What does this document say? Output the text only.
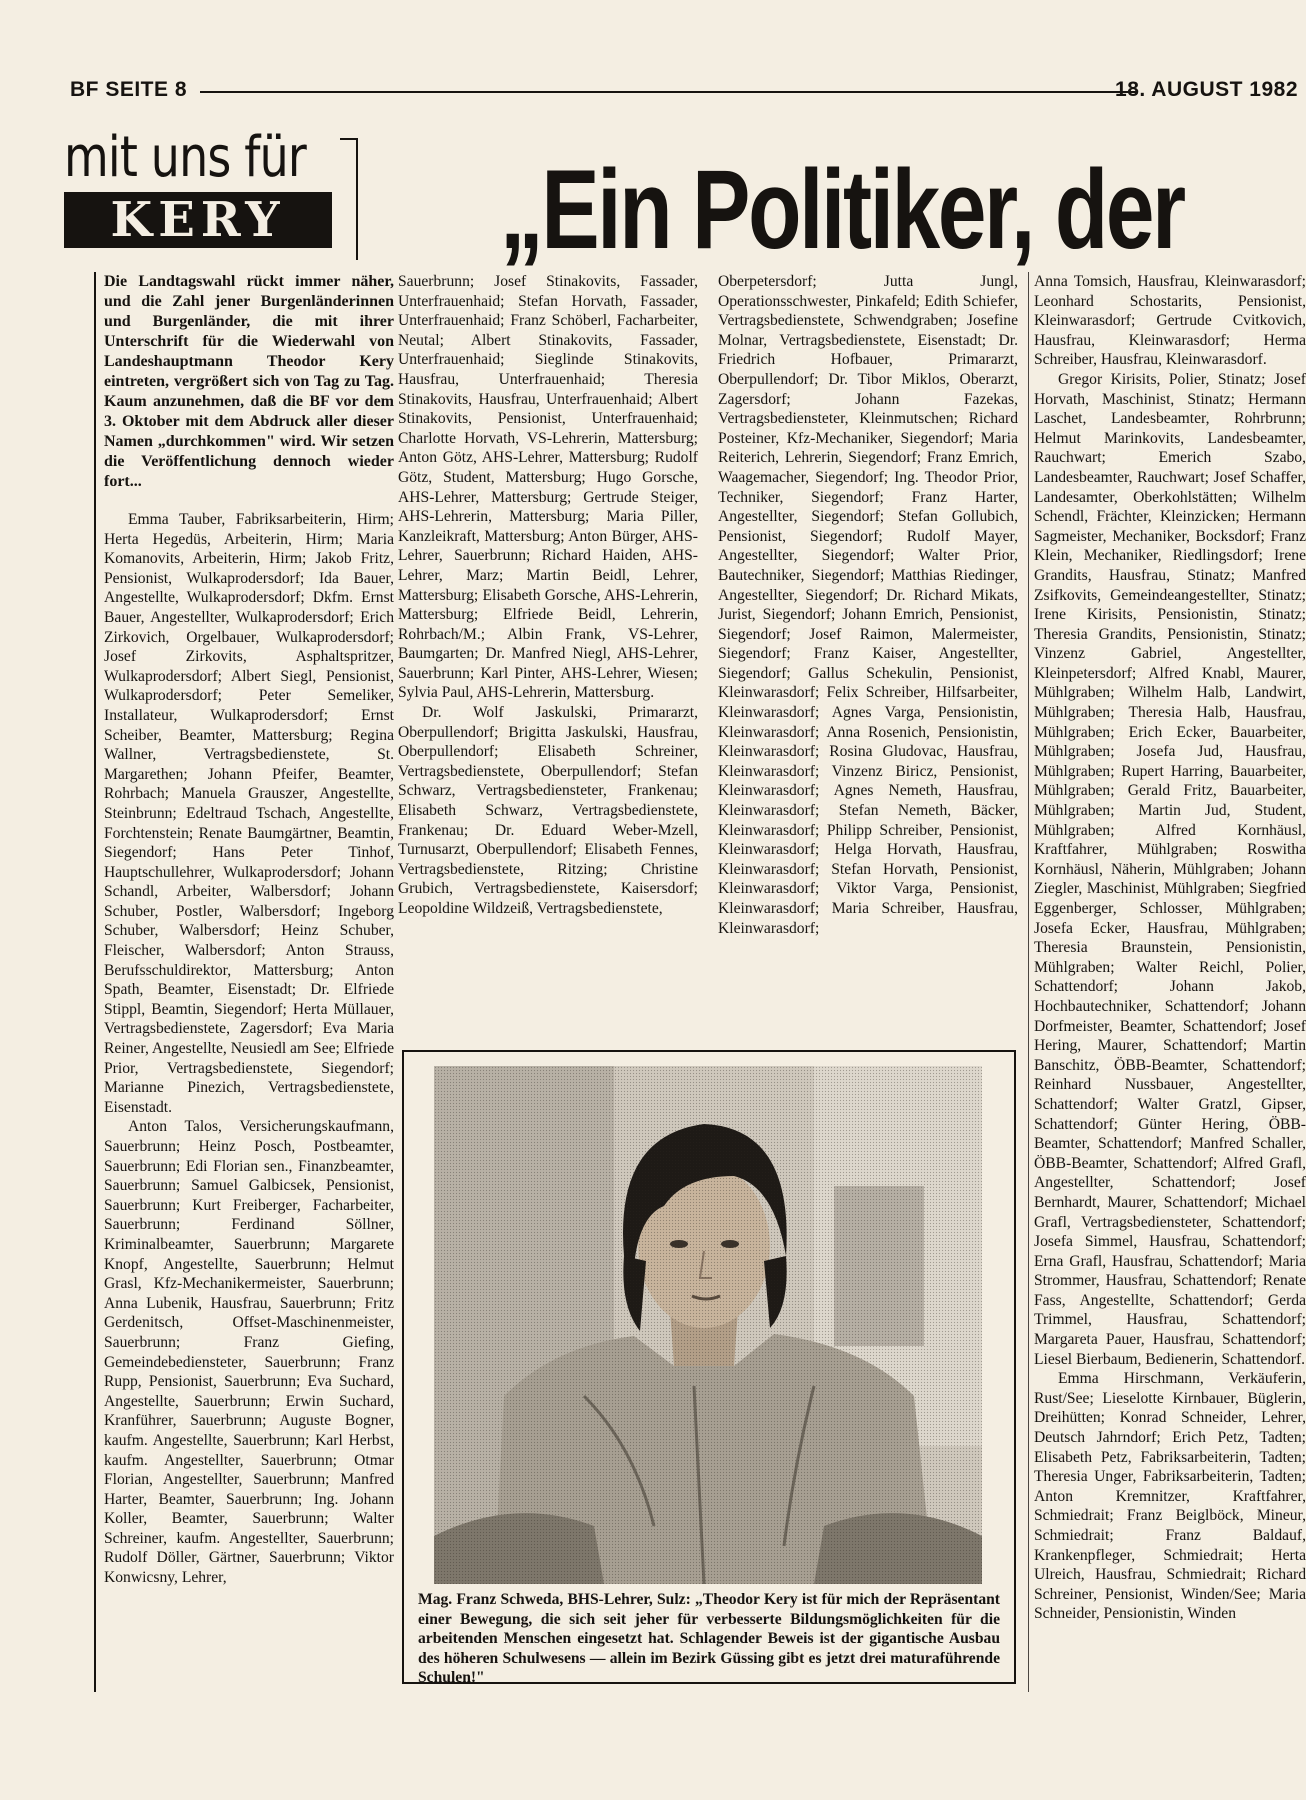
BF SEITE 8	18. AUGUST 1982
mit uns für
KERY	„Ein Politiker, der

Die Landtagswahl rückt immer näher, und die Zahl jener Burgenländerinnen und Burgenländer, die mit ihrer Unterschrift für die Wiederwahl von Landeshauptmann Theodor Kery eintreten, vergrößert sich von Tag zu Tag. Kaum anzunehmen, daß die BF vor dem 3. Oktober mit dem Abdruck aller dieser Namen „durchkommen" wird. Wir setzen die Veröffentlichung dennoch wieder fort...

Emma Tauber, Fabriksarbeiterin, Hirm; Herta Hegedüs, Arbeiterin, Hirm; Maria Komanovits, Arbeiterin, Hirm; Jakob Fritz, Pensionist, Wulkaprodersdorf; Ida Bauer, Angestellte, Wulkaprodersdorf; Dkfm. Ernst Bauer, Angestellter, Wulkaprodersdorf; Erich Zirkovich, Orgelbauer, Wulkaprodersdorf; Josef Zirkovits, Asphaltspritzer, Wulkaprodersdorf; Albert Siegl, Pensionist, Wulkaprodersdorf; Peter Semeliker, Installateur, Wulkaprodersdorf; Ernst Scheiber, Beamter, Mattersburg; Regina Wallner, Vertragsbedienstete, St. Margarethen; Johann Pfeifer, Beamter, Rohrbach; Manuela Grauszer, Angestellte, Steinbrunn; Edeltraud Tschach, Angestellte, Forchtenstein; Renate Baumgärtner, Beamtin, Siegendorf; Hans Peter Tinhof, Hauptschullehrer, Wulkaprodersdorf; Johann Schandl, Arbeiter, Walbersdorf; Johann Schuber, Postler, Walbersdorf; Ingeborg Schuber, Walbersdorf; Heinz Schuber, Fleischer, Walbersdorf; Anton Strauss, Berufsschuldirektor, Mattersburg; Anton Spath, Beamter, Eisenstadt; Dr. Elfriede Stippl, Beamtin, Siegendorf; Herta Müllauer, Vertragsbedienstete, Zagersdorf; Eva Maria Reiner, Angestellte, Neusiedl am See; Elfriede Prior, Vertragsbedienstete, Siegendorf; Marianne Pinezich, Vertragsbedienstete, Eisenstadt.

Anton Talos, Versicherungskaufmann, Sauerbrunn; Heinz Posch, Postbeamter, Sauerbrunn; Edi Florian sen., Finanzbeamter, Sauerbrunn; Samuel Galbicsek, Pensionist, Sauerbrunn; Kurt Freiberger, Facharbeiter, Sauerbrunn; Ferdinand Söllner, Kriminalbeamter, Sauerbrunn; Margarete Knopf, Angestellte, Sauerbrunn; Helmut Grasl, Kfz-Mechanikermeister, Sauerbrunn; Anna Lubenik, Hausfrau, Sauerbrunn; Fritz Gerdenitsch, Offset-Maschinenmeister, Sauerbrunn; Franz Giefing, Gemeindebediensteter, Sauerbrunn; Franz Rupp, Pensionist, Sauerbrunn; Eva Suchard, Angestellte, Sauerbrunn; Erwin Suchard, Kranführer, Sauerbrunn; Auguste Bogner, kaufm. Angestellte, Sauerbrunn; Karl Herbst, kaufm. Angestellter, Sauerbrunn; Otmar Florian, Angestellter, Sauerbrunn; Manfred Harter, Beamter, Sauerbrunn; Ing. Johann Koller, Beamter, Sauerbrunn; Walter Schreiner, kaufm. Angestellter, Sauerbrunn; Rudolf Döller, Gärtner, Sauerbrunn; Viktor Konwicsny, Lehrer,

Sauerbrunn; Josef Stinakovits, Fassader, Unterfrauenhaid; Stefan Horvath, Fassader, Unterfrauenhaid; Franz Schöberl, Facharbeiter, Neutal; Albert Stinakovits, Fassader, Unterfrauenhaid; Sieglinde Stinakovits, Hausfrau, Unterfrauenhaid; Theresia Stinakovits, Hausfrau, Unterfrauenhaid; Albert Stinakovits, Pensionist, Unterfrauenhaid; Charlotte Horvath, VS-Lehrerin, Mattersburg; Anton Götz, AHS-Lehrer, Mattersburg; Rudolf Götz, Student, Mattersburg; Hugo Gorsche, AHS-Lehrer, Mattersburg; Gertrude Steiger, AHS-Lehrerin, Mattersburg; Maria Piller, Kanzleikraft, Mattersburg; Anton Bürger, AHS-Lehrer, Sauerbrunn; Richard Haiden, AHS-Lehrer, Marz; Martin Beidl, Lehrer, Mattersburg; Elisabeth Gorsche, AHS-Lehrerin, Mattersburg; Elfriede Beidl, Lehrerin, Rohrbach/M.; Albin Frank, VS-Lehrer, Baumgarten; Dr. Manfred Niegl, AHS-Lehrer, Sauerbrunn; Karl Pinter, AHS-Lehrer, Wiesen; Sylvia Paul, AHS-Lehrerin, Mattersburg.

Dr. Wolf Jaskulski, Primararzt, Oberpullendorf; Brigitta Jaskulski, Hausfrau, Oberpullendorf; Elisabeth Schreiner, Vertragsbedienstete, Oberpullendorf; Stefan Schwarz, Vertragsbediensteter, Frankenau; Elisabeth Schwarz, Vertragsbedienstete, Frankenau; Dr. Eduard Weber-Mzell, Turnusarzt, Oberpullendorf; Elisabeth Fennes, Vertragsbedienstete, Ritzing; Christine Grubich, Vertragsbedienstete, Kaisersdorf; Leopoldine Wildzeiß, Vertragsbedienstete,

Oberpetersdorf; Jutta Jungl, Operationsschwester, Pinkafeld; Edith Schiefer, Vertragsbedienstete, Schwendgraben; Josefine Molnar, Vertragsbedienstete, Eisenstadt; Dr. Friedrich Hofbauer, Primararzt, Oberpullendorf; Dr. Tibor Miklos, Oberarzt, Zagersdorf; Johann Fazekas, Vertragsbediensteter, Kleinmutschen; Richard Posteiner, Kfz-Mechaniker, Siegendorf; Maria Reiterich, Lehrerin, Siegendorf; Franz Emrich, Waagemacher, Siegendorf; Ing. Theodor Prior, Techniker, Siegendorf; Franz Harter, Angestellter, Siegendorf; Stefan Gollubich, Pensionist, Siegendorf; Rudolf Mayer, Angestellter, Siegendorf; Walter Prior, Bautechniker, Siegendorf; Matthias Riedinger, Angestellter, Siegendorf; Dr. Richard Mikats, Jurist, Siegendorf; Johann Emrich, Pensionist, Siegendorf; Josef Raimon, Malermeister, Siegendorf; Franz Kaiser, Angestellter, Siegendorf; Gallus Schekulin, Pensionist, Kleinwarasdorf; Felix Schreiber, Hilfsarbeiter, Kleinwarasdorf; Agnes Varga, Pensionistin, Kleinwarasdorf; Anna Rosenich, Pensionistin, Kleinwarasdorf; Rosina Gludovac, Hausfrau, Kleinwarasdorf; Vinzenz Biricz, Pensionist, Kleinwarasdorf; Agnes Nemeth, Hausfrau, Kleinwarasdorf; Stefan Nemeth, Bäcker, Kleinwarasdorf; Philipp Schreiber, Pensionist, Kleinwarasdorf; Helga Horvath, Hausfrau, Kleinwarasdorf; Stefan Horvath, Pensionist, Kleinwarasdorf; Viktor Varga, Pensionist, Kleinwarasdorf; Maria Schreiber, Hausfrau, Kleinwarasdorf;

Anna Tomsich, Hausfrau, Kleinwarasdorf; Leonhard Schostarits, Pensionist, Kleinwarasdorf; Gertrude Cvitkovich, Hausfrau, Kleinwarasdorf; Herma Schreiber, Hausfrau, Kleinwarasdorf.

Gregor Kirisits, Polier, Stinatz; Josef Horvath, Maschinist, Stinatz; Hermann Laschet, Landesbeamter, Rohrbrunn; Helmut Marinkovits, Landesbeamter, Rauchwart; Emerich Szabo, Landesbeamter, Rauchwart; Josef Schaffer, Landesamter, Oberkohlstätten; Wilhelm Schendl, Frächter, Kleinzicken; Hermann Sagmeister, Mechaniker, Bocksdorf; Franz Klein, Mechaniker, Riedlingsdorf; Irene Grandits, Hausfrau, Stinatz; Manfred Zsifkovits, Gemeindeangestellter, Stinatz; Irene Kirisits, Pensionistin, Stinatz; Theresia Grandits, Pensionistin, Stinatz; Vinzenz Gabriel, Angestellter, Kleinpetersdorf; Alfred Knabl, Maurer, Mühlgraben; Wilhelm Halb, Landwirt, Mühlgraben; Theresia Halb, Hausfrau, Mühlgraben; Erich Ecker, Bauarbeiter, Mühlgraben; Josefa Jud, Hausfrau, Mühlgraben; Rupert Harring, Bauarbeiter, Mühlgraben; Gerald Fritz, Bauarbeiter, Mühlgraben; Martin Jud, Student, Mühlgraben; Alfred Kornhäusl, Kraftfahrer, Mühlgraben; Roswitha Kornhäusl, Näherin, Mühlgraben; Johann Ziegler, Maschinist, Mühlgraben; Siegfried Eggenberger, Schlosser, Mühlgraben; Josefa Ecker, Hausfrau, Mühlgraben; Theresia Braunstein, Pensionistin, Mühlgraben; Walter Reichl, Polier, Schattendorf; Johann Jakob, Hochbautechniker, Schattendorf; Johann Dorfmeister, Beamter, Schattendorf; Josef Hering, Maurer, Schattendorf; Martin Banschitz, ÖBB-Beamter, Schattendorf; Reinhard Nussbauer, Angestellter, Schattendorf; Walter Gratzl, Gipser, Schattendorf; Günter Hering, ÖBB-Beamter, Schattendorf; Manfred Schaller, ÖBB-Beamter, Schattendorf; Alfred Grafl, Angestellter, Schattendorf; Josef Bernhardt, Maurer, Schattendorf; Michael Grafl, Vertragsbediensteter, Schattendorf; Josefa Simmel, Hausfrau, Schattendorf; Erna Grafl, Hausfrau, Schattendorf; Maria Strommer, Hausfrau, Schattendorf; Renate Fass, Angestellte, Schattendorf; Gerda Trimmel, Hausfrau, Schattendorf; Margareta Pauer, Hausfrau, Schattendorf; Liesel Bierbaum, Bedienerin, Schattendorf.

Emma Hirschmann, Verkäuferin, Rust/See; Lieselotte Kirnbauer, Büglerin, Dreihütten; Konrad Schneider, Lehrer, Deutsch Jahrndorf; Erich Petz, Tadten; Elisabeth Petz, Fabriksarbeiterin, Tadten; Theresia Unger, Fabriksarbeiterin, Tadten; Anton Kremnitzer, Kraftfahrer, Schmiedrait; Franz Beiglböck, Mineur, Schmiedrait; Franz Baldauf, Krankenpfleger, Schmiedrait; Herta Ulreich, Hausfrau, Schmiedrait; Richard Schreiner, Pensionist, Winden/See; Maria Schneider, Pensionistin, Winden

Mag. Franz Schweda, BHS-Lehrer, Sulz: „Theodor Kery ist für mich der Repräsentant einer Bewegung, die sich seit jeher für verbesserte Bildungsmöglichkeiten für die arbeitenden Menschen eingesetzt hat. Schlagender Beweis ist der gigantische Ausbau des höheren Schulwesens — allein im Bezirk Güssing gibt es jetzt drei maturaführende Schulen!"
